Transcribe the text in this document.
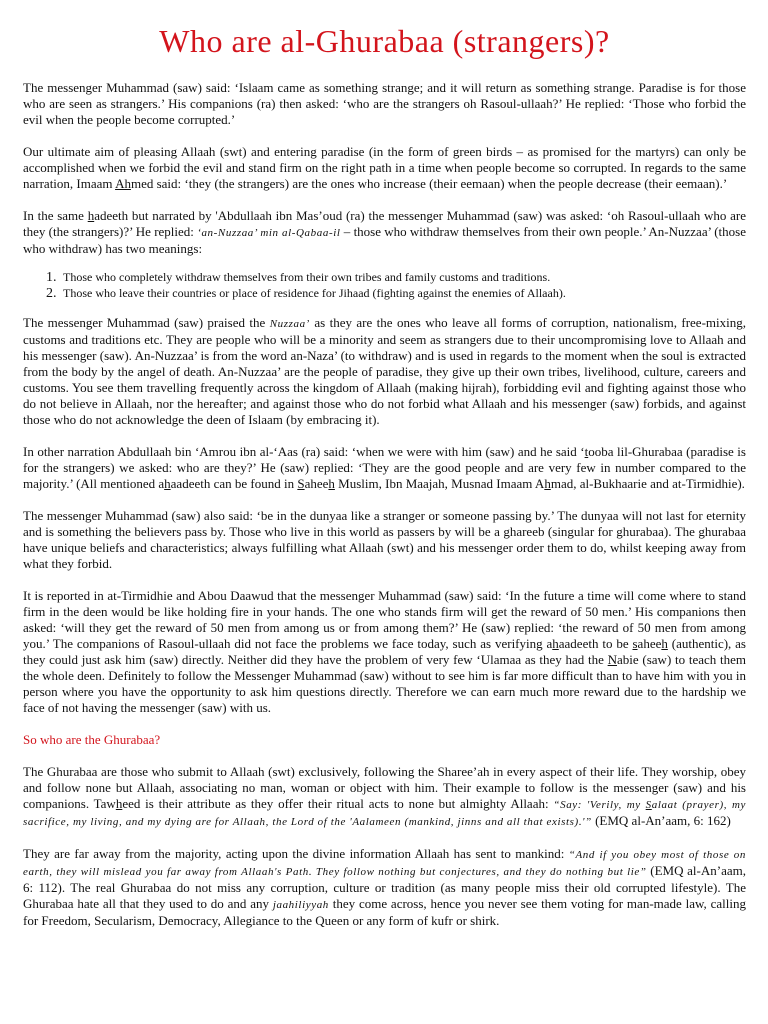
Who are al-Ghurabaa (strangers)?

The messenger Muhammad (saw) said: ‘Islaam came as something strange; and it will return as something strange. Paradise is for those who are seen as strangers.’ His companions (ra) then asked: ‘who are the strangers oh Rasoul-ullaah?’ He replied: ‘Those who forbid the evil when the people become corrupted.’

Our ultimate aim of pleasing Allaah (swt) and entering paradise (in the form of green birds – as promised for the martyrs) can only be accomplished when we forbid the evil and stand firm on the right path in a time when people become so corrupted. In regards to the same narration, Imaam Ahmed said: ‘they (the strangers) are the ones who increase (their eemaan) when the people decrease (their eemaan).’

In the same hadeeth but narrated by 'Abdullaah ibn Mas’oud (ra) the messenger Muhammad (saw) was asked: ‘oh Rasoul-ullaah who are they (the strangers)?’ He replied: ‘an-Nuzzaa’ min al-Qabaa-il – those who withdraw themselves from their own people.’ An-Nuzzaa’ (those who withdraw) has two meanings:

1. Those who completely withdraw themselves from their own tribes and family customs and traditions.
2. Those who leave their countries or place of residence for Jihaad (fighting against the enemies of Allaah).

The messenger Muhammad (saw) praised the Nuzzaa’ as they are the ones who leave all forms of corruption, nationalism, free-mixing, customs and traditions etc. They are people who will be a minority and seem as strangers due to their uncompromising love to Allaah and his messenger (saw). An-Nuzzaa’ is from the word an-Naza’ (to withdraw) and is used in regards to the moment when the soul is extracted from the body by the angel of death. An-Nuzzaa’ are the people of paradise, they give up their own tribes, livelihood, culture, careers and customs. You see them travelling frequently across the kingdom of Allaah (making hijrah), forbidding evil and fighting against those who do not believe in Allaah, nor the hereafter; and against those who do not forbid what Allaah and his messenger (saw) forbids, and against those who do not acknowledge the deen of Islaam (by embracing it).

In other narration Abdullaah bin ‘Amrou ibn al-‘Aas (ra) said: ‘when we were with him (saw) and he said ‘tooba lil-Ghurabaa (paradise is for the strangers) we asked: who are they?’ He (saw) replied: ‘They are the good people and are very few in number compared to the majority.’ (All mentioned ahaadeeth can be found in Saheeh Muslim, Ibn Maajah, Musnad Imaam Ahmad, al-Bukhaarie and at-Tirmidhie).

The messenger Muhammad (saw) also said: ‘be in the dunyaa like a stranger or someone passing by.’ The dunyaa will not last for eternity and is something the believers pass by. Those who live in this world as passers by will be a ghareeb (singular for ghurabaa). The ghurabaa have unique beliefs and characteristics; always fulfilling what Allaah (swt) and his messenger order them to do, whilst keeping away from what they forbid.

It is reported in at-Tirmidhie and Abou Daawud that the messenger Muhammad (saw) said: ‘In the future a time will come where to stand firm in the deen would be like holding fire in your hands. The one who stands firm will get the reward of 50 men.’ His companions then asked: ‘will they get the reward of 50 men from among us or from among them?’ He (saw) replied: ‘the reward of 50 men from among you.’ The companions of Rasoul-ullaah did not face the problems we face today, such as verifying ahaadeeth to be saheeh (authentic), as they could just ask him (saw) directly. Neither did they have the problem of very few ‘Ulamaa as they had the Nabie (saw) to teach them the whole deen. Definitely to follow the Messenger Muhammad (saw) without to see him is far more difficult than to have him with you in person where you have the opportunity to ask him questions directly. Therefore we can earn much more reward due to the hardship we face of not having the messenger (saw) with us.

So who are the Ghurabaa?

The Ghurabaa are those who submit to Allaah (swt) exclusively, following the Sharee’ah in every aspect of their life. They worship, obey and follow none but Allaah, associating no man, woman or object with him. Their example to follow is the messenger (saw) and his companions. Tawheed is their attribute as they offer their ritual acts to none but almighty Allaah: “Say: 'Verily, my Salaat (prayer), my sacrifice, my living, and my dying are for Allaah, the Lord of the 'Aalameen (mankind, jinns and all that exists).'” (EMQ al-An’aam, 6: 162)

They are far away from the majority, acting upon the divine information Allaah has sent to mankind: “And if you obey most of those on earth, they will mislead you far away from Allaah's Path. They follow nothing but conjectures, and they do nothing but lie” (EMQ al-An’aam, 6: 112). The real Ghurabaa do not miss any corruption, culture or tradition (as many people miss their old corrupted lifestyle). The Ghurabaa hate all that they used to do and any jaahiliyyah they come across, hence you never see them voting for man-made law, calling for Freedom, Secularism, Democracy, Allegiance to the Queen or any form of kufr or shirk.
